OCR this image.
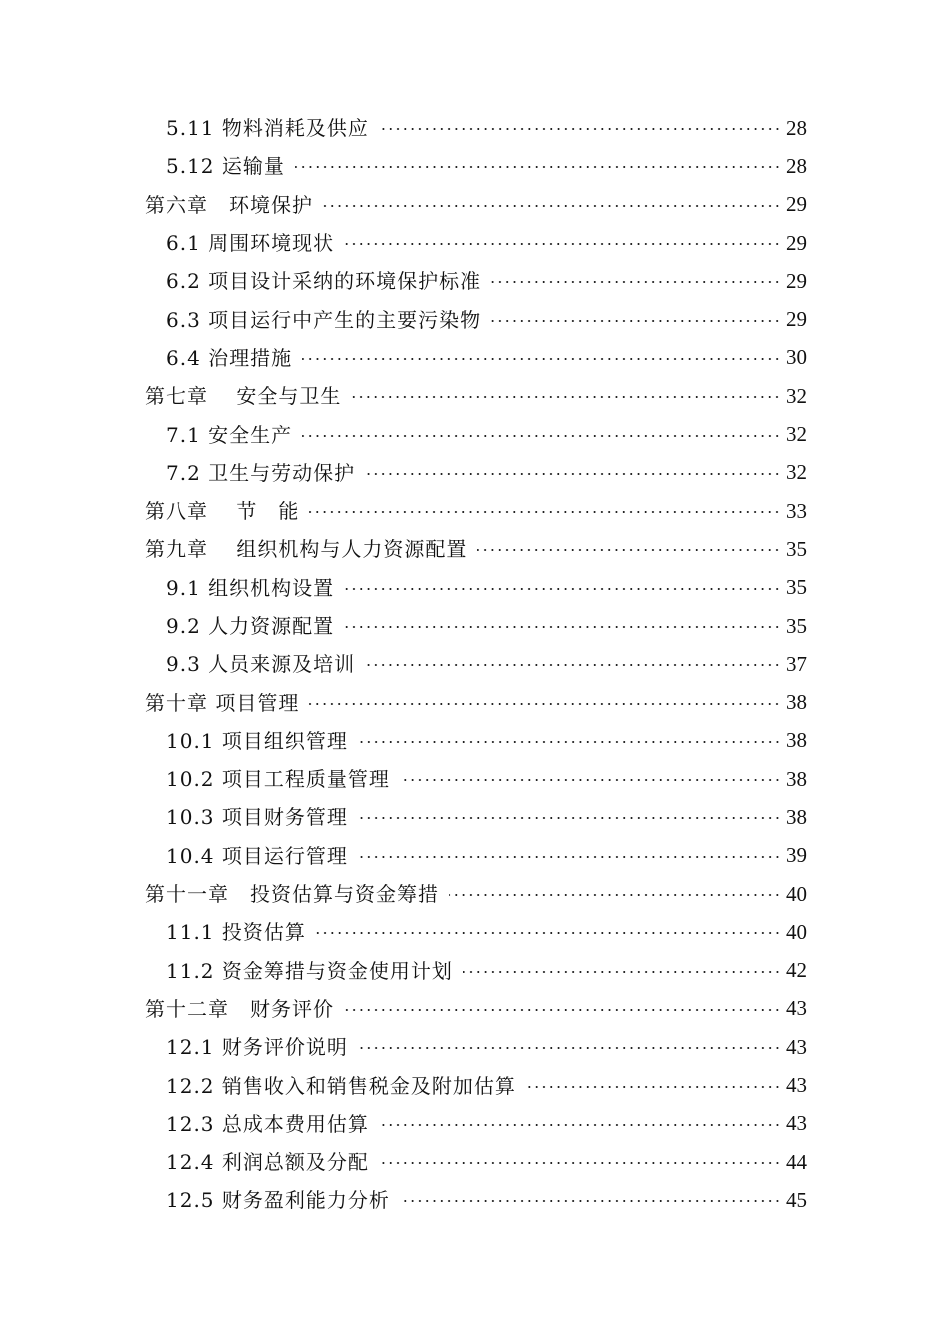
5.11 物料消耗及供应	28
5.12 运输量	28
第六章　环境保护	29
6.1 周围环境现状	29
6.2 项目设计采纳的环境保护标准	29
6.3 项目运行中产生的主要污染物	29
6.4 治理措施	30
第七章　 安全与卫生	32
7.1 安全生产	32
7.2 卫生与劳动保护	32
第八章　 节　能	33
第九章　 组织机构与人力资源配置	35
9.1 组织机构设置	35
9.2 人力资源配置	35
9.3 人员来源及培训	37
第十章 项目管理	38
10.1 项目组织管理	38
10.2 项目工程质量管理	38
10.3 项目财务管理	38
10.4 项目运行管理	39
第十一章　投资估算与资金筹措	40
11.1 投资估算	40
11.2 资金筹措与资金使用计划	42
第十二章　财务评价	43
12.1 财务评价说明	43
12.2 销售收入和销售税金及附加估算	43
12.3 总成本费用估算	43
12.4 利润总额及分配	44
12.5 财务盈利能力分析	45
